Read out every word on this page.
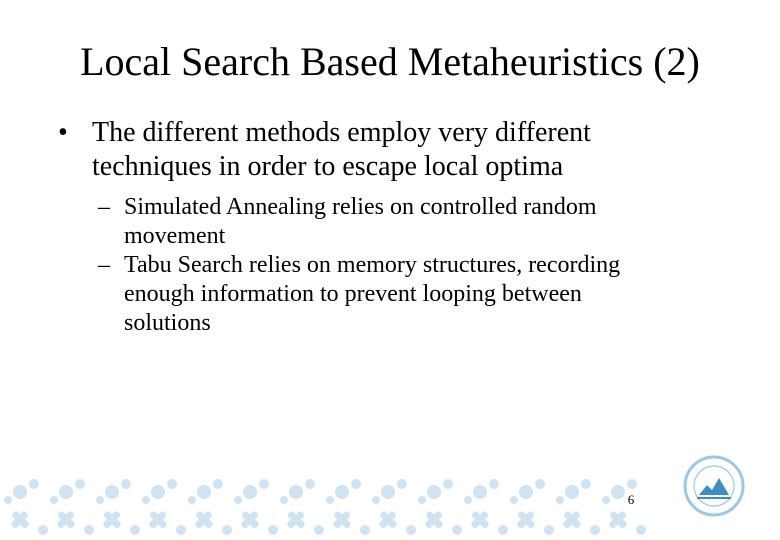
Local Search Based Metaheuristics (2)
• The different methods employ very different
techniques in order to escape local optima
– Simulated Annealing relies on controlled random
movement
– Tabu Search relies on memory structures, recording
enough information to prevent looping between
solutions
6
